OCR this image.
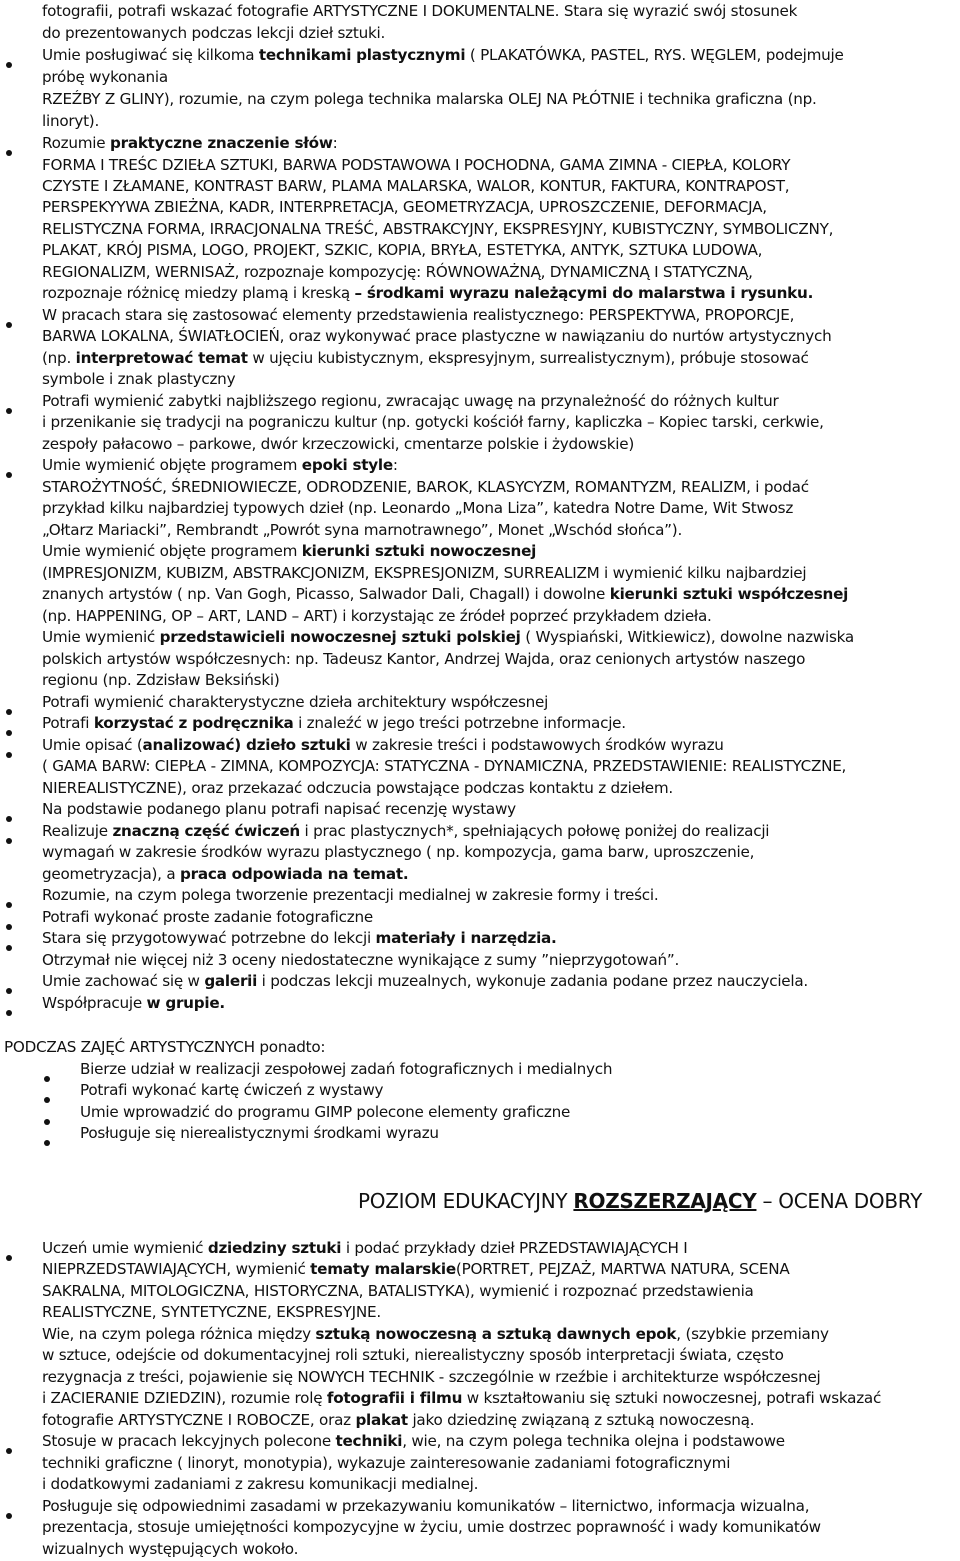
POZIOM EDUKACYJNY ROZSZERZAJĄCY – OCENA DOBRY
fotografii, potrafi wskazać fotografie ARTYSTYCZNE I DOKUMENTALNE. Stara się wyrazić swój stosunek
do prezentowanych podczas lekcji dzieł sztuki.
Umie posługiwać się kilkoma technikami plastycznymi ( PLAKATÓWKA, PASTEL, RYS. WĘGLEM, podejmuje
próbę wykonania
RZEŹBY Z GLINY), rozumie, na czym polega technika malarska OLEJ NA PŁÓTNIE i technika graficzna (np.
linoryt).
Rozumie praktyczne znaczenie słów:
FORMA I TREŚC DZIEŁA SZTUKI, BARWA PODSTAWOWA I POCHODNA, GAMA ZIMNA - CIEPŁA, KOLORY
CZYSTE I ZŁAMANE, KONTRAST BARW, PLAMA MALARSKA, WALOR, KONTUR, FAKTURA, KONTRAPOST,
PERSPEKYYWA ZBIEŻNA, KADR, INTERPRETACJA, GEOMETRYZACJA, UPROSZCZENIE, DEFORMACJA,
RELISTYCZNA FORMA, IRRACJONALNA TREŚĆ, ABSTRAKCYJNY, EKSPRESYJNY, KUBISTYCZNY, SYMBOLICZNY,
PLAKAT, KRÓJ PISMA, LOGO, PROJEKT, SZKIC, KOPIA, BRYŁA, ESTETYKA, ANTYK, SZTUKA LUDOWA,
REGIONALIZM, WERNISAŻ, rozpoznaje kompozycję: RÓWNOWAŻNĄ, DYNAMICZNĄ I STATYCZNĄ,
rozpoznaje różnicę miedzy plamą i kreską – środkami wyrazu należącymi do malarstwa i rysunku.
W pracach stara się zastosować elementy przedstawienia realistycznego: PERSPEKTYWA, PROPORCJE,
BARWA LOKALNA, ŚWIATŁOCIEŃ, oraz wykonywać prace plastyczne w nawiązaniu do nurtów artystycznych
(np. interpretować temat w ujęciu kubistycznym, ekspresyjnym, surrealistycznym), próbuje stosować
symbole i znak plastyczny
Potrafi wymienić zabytki najbliższego regionu, zwracając uwagę na przynależność do różnych kultur
i przenikanie się tradycji na pograniczu kultur (np. gotycki kościół farny, kapliczka – Kopiec tarski, cerkwie,
zespoły pałacowo – parkowe, dwór krzeczowicki, cmentarze polskie i żydowskie)
Umie wymienić objęte programem epoki style:
STAROŻYTNOŚĆ, ŚREDNIOWIECZE, ODRODZENIE, BAROK, KLASYCYZM, ROMANTYZM, REALIZM, i podać
przykład kilku najbardziej typowych dzieł (np. Leonardo „Mona Liza”, katedra Notre Dame, Wit Stwosz
„Ołtarz Mariacki”, Rembrandt „Powrót syna marnotrawnego”, Monet „Wschód słońca”).
Umie wymienić objęte programem kierunki sztuki nowoczesnej
(IMPRESJONIZM, KUBIZM, ABSTRAKCJONIZM, EKSPRESJONIZM, SURREALIZM i wymienić kilku najbardziej
znanych artystów ( np. Van Gogh, Picasso, Salwador Dali, Chagall) i dowolne kierunki sztuki współczesnej
(np. HAPPENING, OP – ART, LAND – ART) i korzystając ze źródeł poprzeć przykładem dzieła.
Umie wymienić przedstawicieli nowoczesnej sztuki polskiej ( Wyspiański, Witkiewicz), dowolne nazwiska
polskich artystów współczesnych: np. Tadeusz Kantor, Andrzej Wajda, oraz cenionych artystów naszego
regionu (np. Zdzisław Beksiński)
Potrafi wymienić charakterystyczne dzieła architektury współczesnej
Potrafi korzystać z podręcznika i znaleźć w jego treści potrzebne informacje.
Umie opisać (analizować) dzieło sztuki w zakresie treści i podstawowych środków wyrazu
( GAMA BARW: CIEPŁA - ZIMNA, KOMPOZYCJA: STATYCZNA - DYNAMICZNA, PRZEDSTAWIENIE: REALISTYCZNE,
NIEREALISTYCZNE), oraz przekazać odczucia powstające podczas kontaktu z dziełem.
Na podstawie podanego planu potrafi napisać recenzję wystawy
Realizuje znaczną część ćwiczeń i prac plastycznych*, spełniających połowę poniżej do realizacji
wymagań w zakresie środków wyrazu plastycznego ( np. kompozycja, gama barw, uproszczenie,
geometryzacja), a praca odpowiada na temat.
Rozumie, na czym polega tworzenie prezentacji medialnej w zakresie formy i treści.
Potrafi wykonać proste zadanie fotograficzne
Stara się przygotowywać potrzebne do lekcji materiały i narzędzia.
Otrzymał nie więcej niż 3 oceny niedostateczne wynikające z sumy ”nieprzygotowań”.
Umie zachować się w galerii i podczas lekcji muzealnych, wykonuje zadania podane przez nauczyciela.
Współpracuje w grupie.
PODCZAS ZAJĘĆ ARTYSTYCZNYCH ponadto:
Bierze udział w realizacji zespołowej zadań fotograficznych i medialnych
Potrafi wykonać kartę ćwiczeń z wystawy
Umie wprowadzić do programu GIMP polecone elementy graficzne
Posługuje się nierealistycznymi środkami wyrazu
Uczeń umie wymienić dziedziny sztuki i podać przykłady dzieł PRZEDSTAWIAJĄCYCH I
NIEPRZEDSTAWIAJĄCYCH, wymienić tematy malarskie(PORTRET, PEJZAŻ, MARTWA NATURA, SCENA
SAKRALNA, MITOLOGICZNA, HISTORYCZNA, BATALISTYKA), wymienić i rozpoznać przedstawienia
REALISTYCZNE, SYNTETYCZNE, EKSPRESYJNE.
Wie, na czym polega różnica między sztuką nowoczesną a sztuką dawnych epok, (szybkie przemiany
w sztuce, odejście od dokumentacyjnej roli sztuki, nierealistyczny sposób interpretacji świata, często
rezygnacja z treści, pojawienie się NOWYCH TECHNIK - szczególnie w rzeźbie i architekturze współczesnej
i ZACIERANIE DZIEDZIN), rozumie rolę fotografii i filmu w kształtowaniu się sztuki nowoczesnej, potrafi wskazać
fotografie ARTYSTYCZNE I ROBOCZE, oraz plakat jako dziedzinę związaną z sztuką nowoczesną.
Stosuje w pracach lekcyjnych polecone techniki, wie, na czym polega technika olejna i podstawowe
techniki graficzne ( linoryt, monotypia), wykazuje zainteresowanie zadaniami fotograficznymi
i dodatkowymi zadaniami z zakresu komunikacji medialnej.
Posługuje się odpowiednimi zasadami w przekazywaniu komunikatów – liternictwo, informacja wizualna,
prezentacja, stosuje umiejętności kompozycyjne w życiu, umie dostrzec poprawność i wady komunikatów
wizualnych występujących wokoło.
